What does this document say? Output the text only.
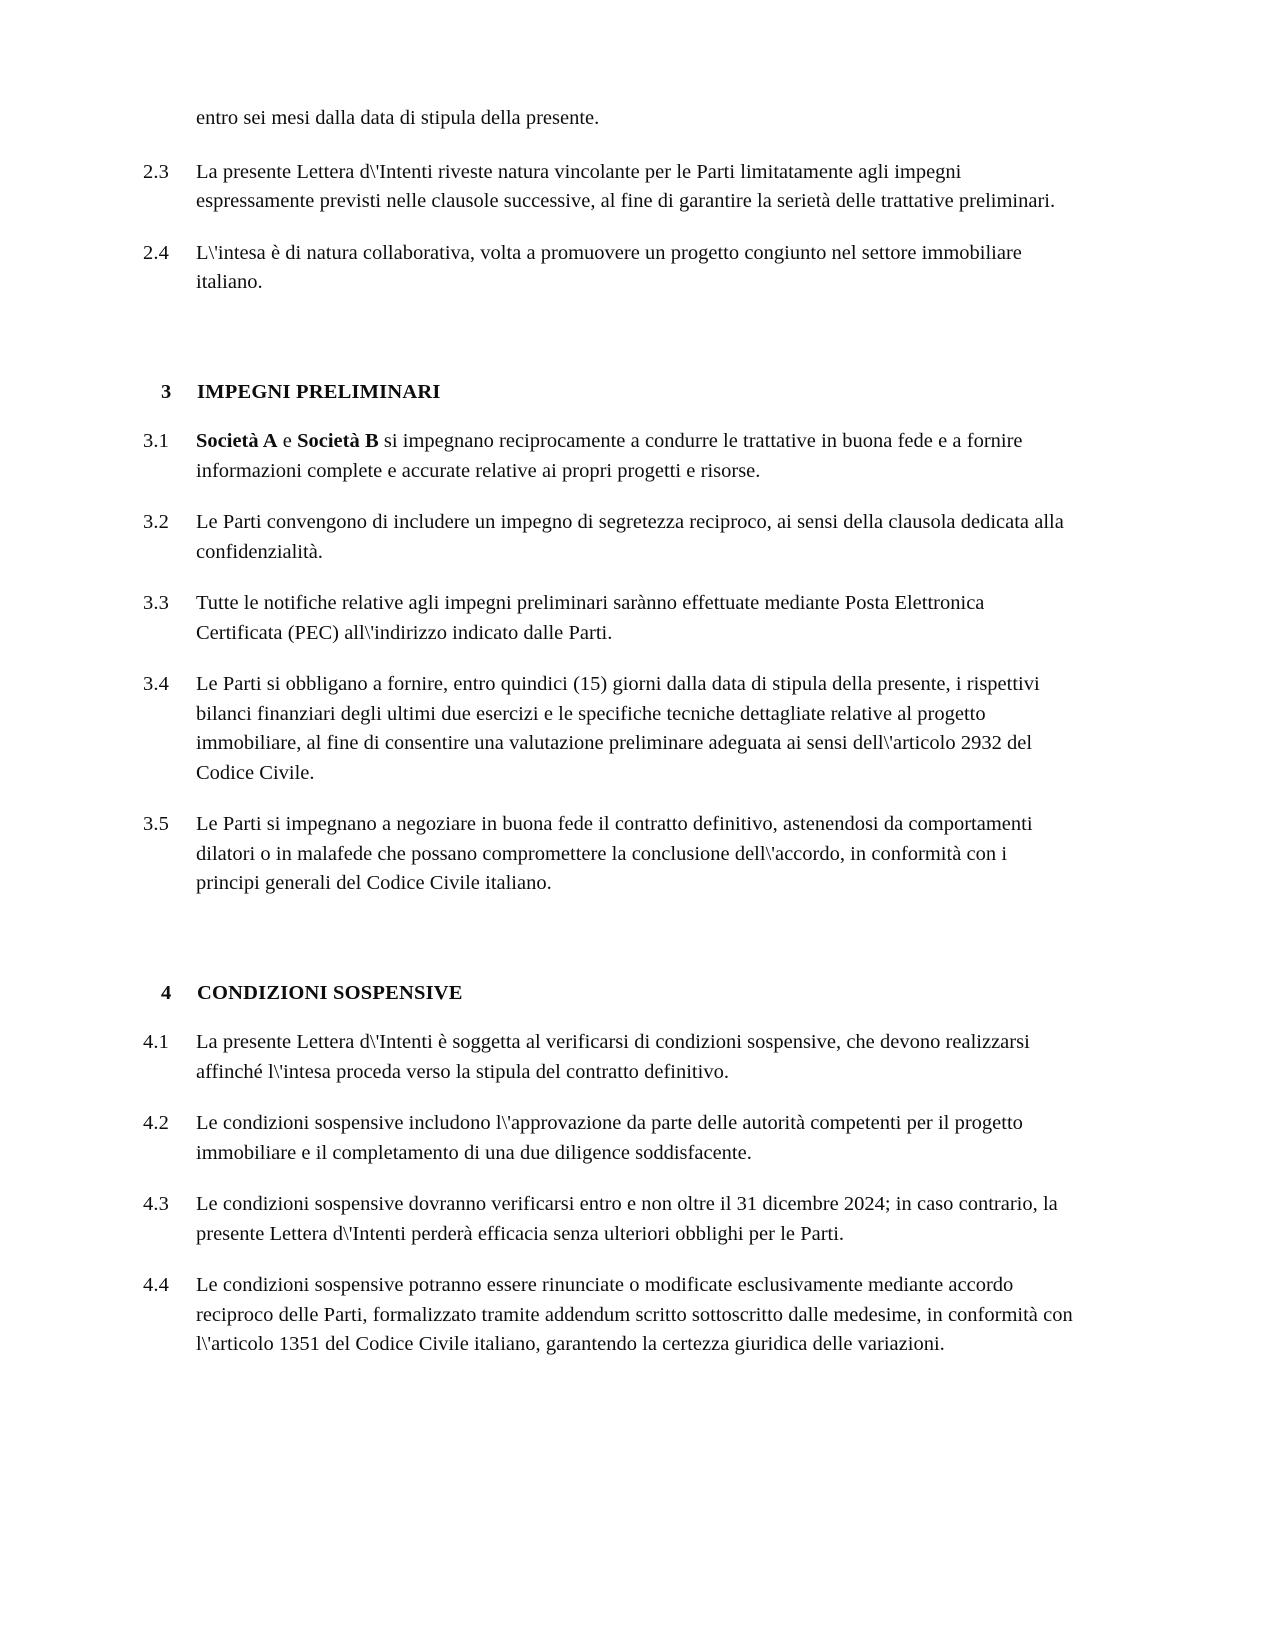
entro sei mesi dalla data di stipula della presente.
2.3	La presente Lettera d\'Intenti riveste natura vincolante per le Parti limitatamente agli impegni espressamente previsti nelle clausole successive, al fine di garantire la serietà delle trattative preliminari.
2.4	L\'intesa è di natura collaborativa, volta a promuovere un progetto congiunto nel settore immobiliare italiano.
3	IMPEGNI PRELIMINARI
3.1	Società A e Società B si impegnano reciprocamente a condurre le trattative in buona fede e a fornire informazioni complete e accurate relative ai propri progetti e risorse.
3.2	Le Parti convengono di includere un impegno di segretezza reciproco, ai sensi della clausola dedicata alla confidenzialità.
3.3	Tutte le notifiche relative agli impegni preliminari sarànno effettuate mediante Posta Elettronica Certificata (PEC) all\'indirizzo indicato dalle Parti.
3.4	Le Parti si obbligano a fornire, entro quindici (15) giorni dalla data di stipula della presente, i rispettivi bilanci finanziari degli ultimi due esercizi e le specifiche tecniche dettagliate relative al progetto immobiliare, al fine di consentire una valutazione preliminare adeguata ai sensi dell\'articolo 2932 del Codice Civile.
3.5	Le Parti si impegnano a negoziare in buona fede il contratto definitivo, astenendosi da comportamenti dilatori o in malafede che possano compromettere la conclusione dell\'accordo, in conformità con i principi generali del Codice Civile italiano.
4	CONDIZIONI SOSPENSIVE
4.1	La presente Lettera d\'Intenti è soggetta al verificarsi di condizioni sospensive, che devono realizzarsi affinché l\'intesa proceda verso la stipula del contratto definitivo.
4.2	Le condizioni sospensive includono l\'approvazione da parte delle autorità competenti per il progetto immobiliare e il completamento di una due diligence soddisfacente.
4.3	Le condizioni sospensive dovranno verificarsi entro e non oltre il 31 dicembre 2024; in caso contrario, la presente Lettera d\'Intenti perderà efficacia senza ulteriori obblighi per le Parti.
4.4	Le condizioni sospensive potranno essere rinunciate o modificate esclusivamente mediante accordo reciproco delle Parti, formalizzato tramite addendum scritto sottoscritto dalle medesime, in conformità con l\'articolo 1351 del Codice Civile italiano, garantendo la certezza giuridica delle variazioni.
